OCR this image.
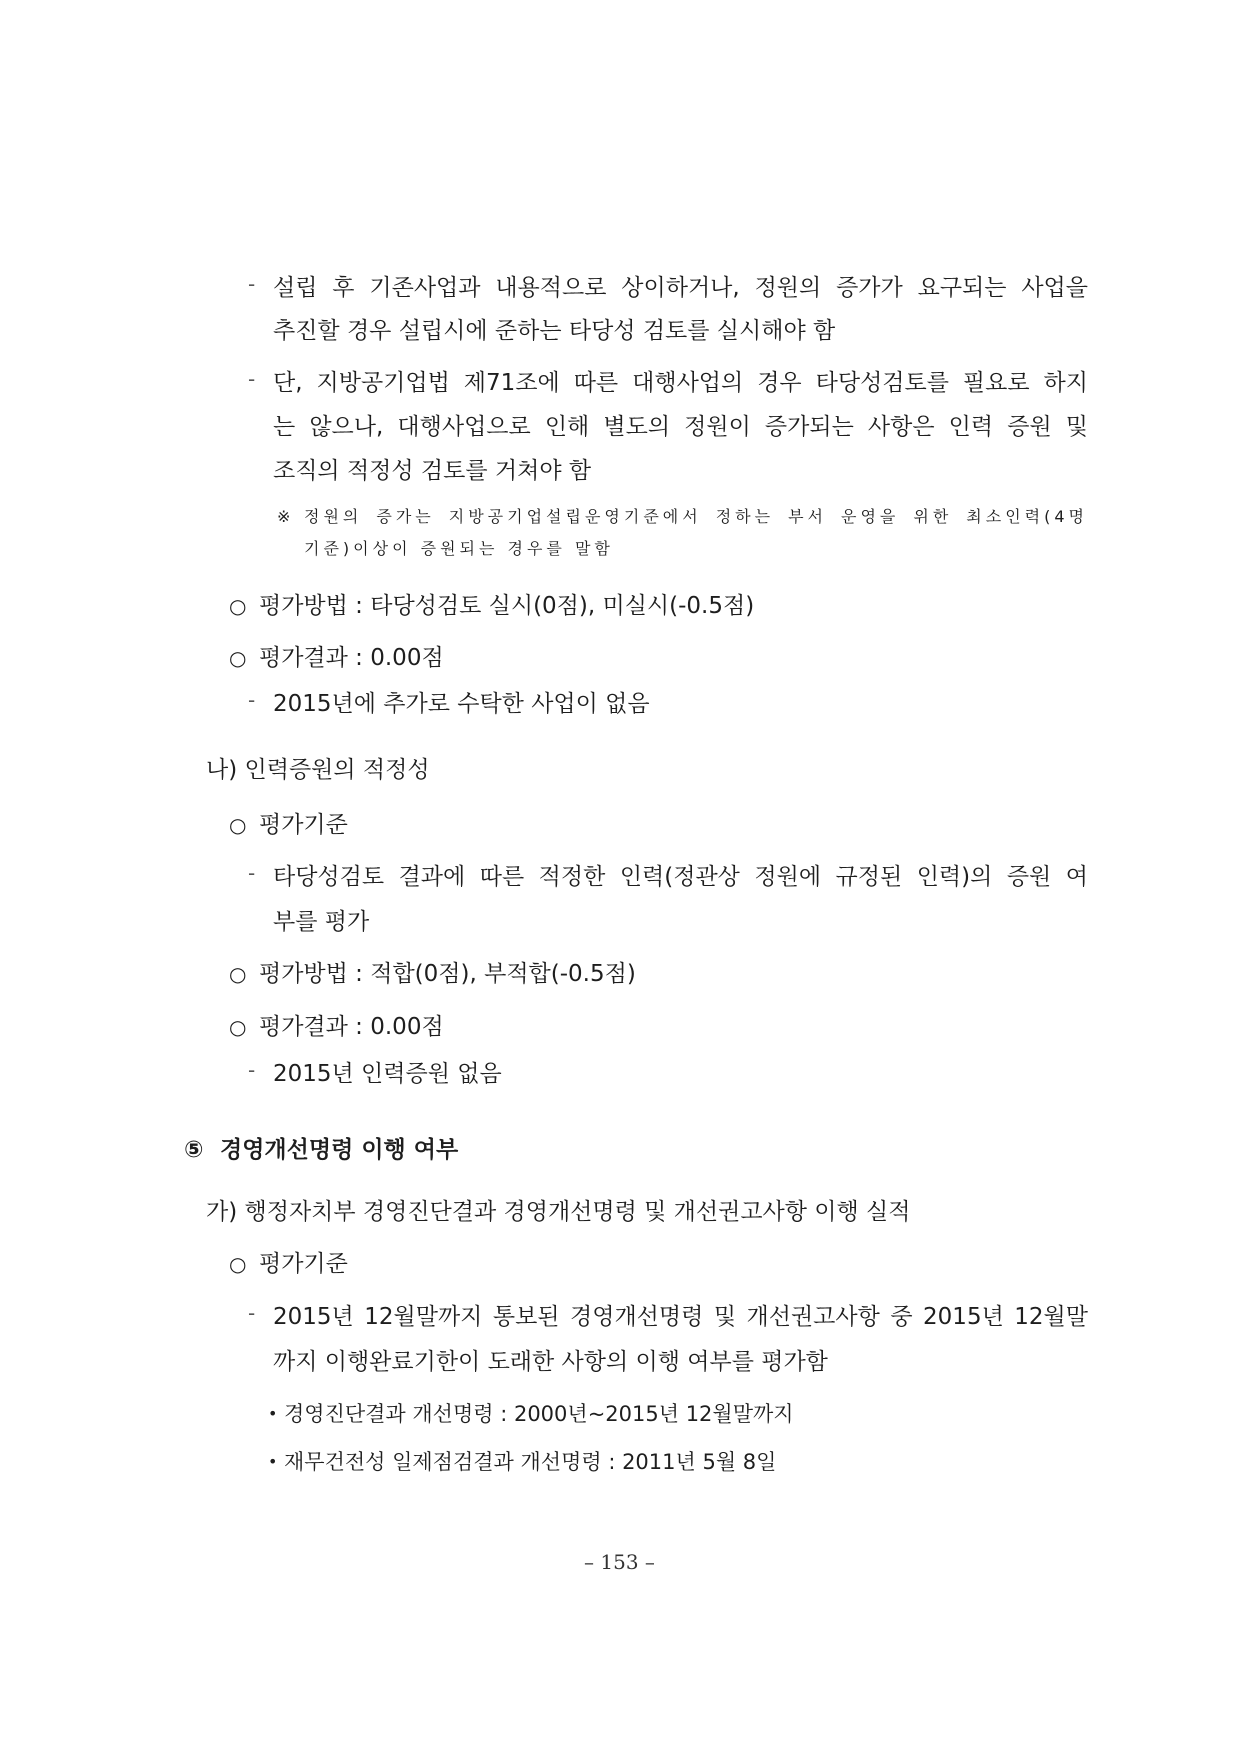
- 설립 후 기존사업과 내용적으로 상이하거나, 정원의 증가가 요구되는 사업을
추진할 경우 설립시에 준하는 타당성 검토를 실시해야 함
- 단, 지방공기업법 제71조에 따른 대행사업의 경우 타당성검토를 필요로 하지
는 않으나, 대행사업으로 인해 별도의 정원이 증가되는 사항은 인력 증원 및
조직의 적정성 검토를 거쳐야 함
※ 정원의 증가는 지방공기업설립운영기준에서 정하는 부서 운영을 위한 최소인력(4명
기준)이상이 증원되는 경우를 말함
○ 평가방법 : 타당성검토 실시(0점), 미실시(-0.5점)
○ 평가결과 : 0.00점
- 2015년에 추가로 수탁한 사업이 없음
나) 인력증원의 적정성
○ 평가기준
- 타당성검토 결과에 따른 적정한 인력(정관상 정원에 규정된 인력)의 증원 여
부를 평가
○ 평가방법 : 적합(0점), 부적합(-0.5점)
○ 평가결과 : 0.00점
- 2015년 인력증원 없음
⑤ 경영개선명령 이행 여부
가) 행정자치부 경영진단결과 경영개선명령 및 개선권고사항 이행 실적
○ 평가기준
- 2015년 12월말까지 통보된 경영개선명령 및 개선권고사항 중 2015년 12월말
까지 이행완료기한이 도래한 사항의 이행 여부를 평가함
• 경영진단결과 개선명령 : 2000년~2015년 12월말까지
• 재무건전성 일제점검결과 개선명령 : 2011년 5월 8일
– 153 –
